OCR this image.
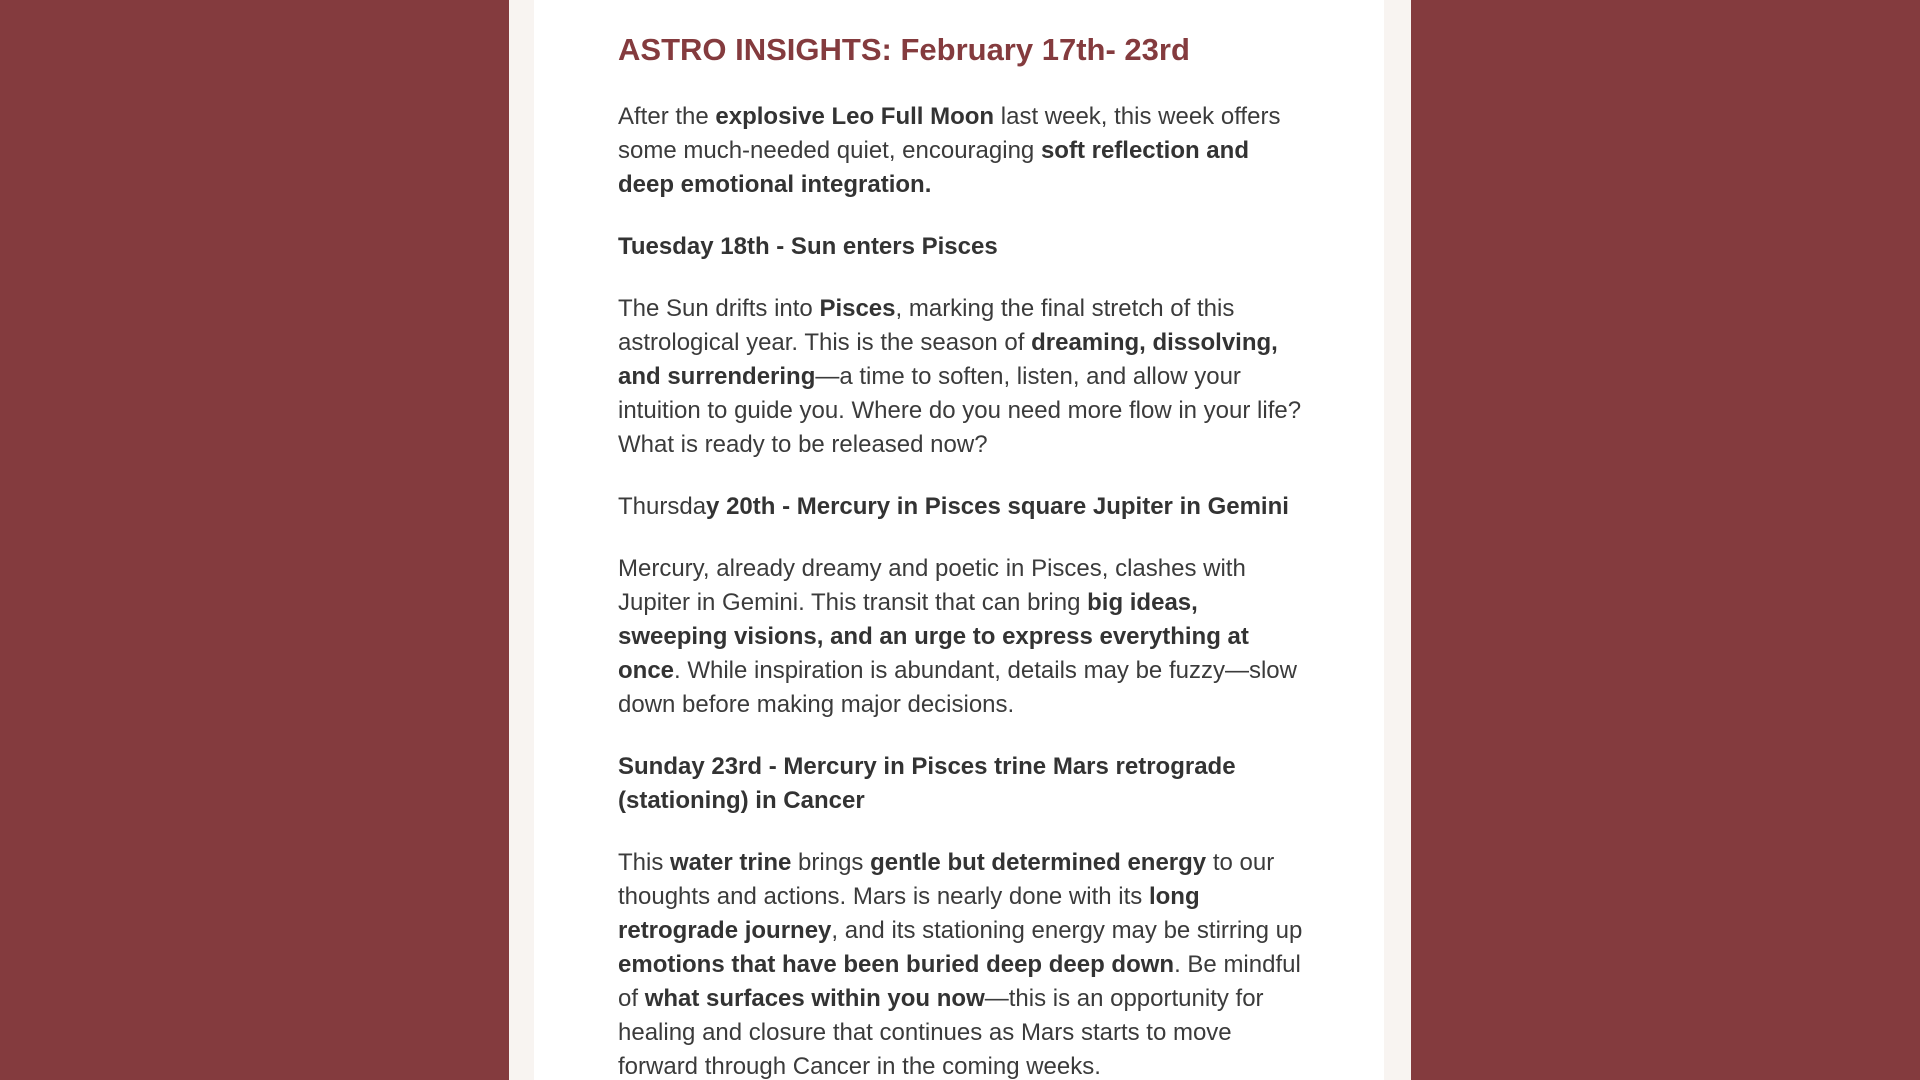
ASTRO INSIGHTS: February 17th- 23rd

After the explosive Leo Full Moon last week, this week offers some much-needed quiet, encouraging soft reflection and deep emotional integration.

Tuesday 18th - Sun enters Pisces

The Sun drifts into Pisces, marking the final stretch of this astrological year. This is the season of dreaming, dissolving, and surrendering—a time to soften, listen, and allow your intuition to guide you. Where do you need more flow in your life? What is ready to be released now?

Thursday 20th - Mercury in Pisces square Jupiter in Gemini

Mercury, already dreamy and poetic in Pisces, clashes with Jupiter in Gemini. This transit that can bring big ideas, sweeping visions, and an urge to express everything at once. While inspiration is abundant, details may be fuzzy—slow down before making major decisions.

Sunday 23rd - Mercury in Pisces trine Mars retrograde (stationing) in Cancer

This water trine brings gentle but determined energy to our thoughts and actions. Mars is nearly done with its long retrograde journey, and its stationing energy may be stirring up emotions that have been buried deep deep down. Be mindful of what surfaces within you now—this is an opportunity for healing and closure that continues as Mars starts to move forward through Cancer in the coming weeks.
